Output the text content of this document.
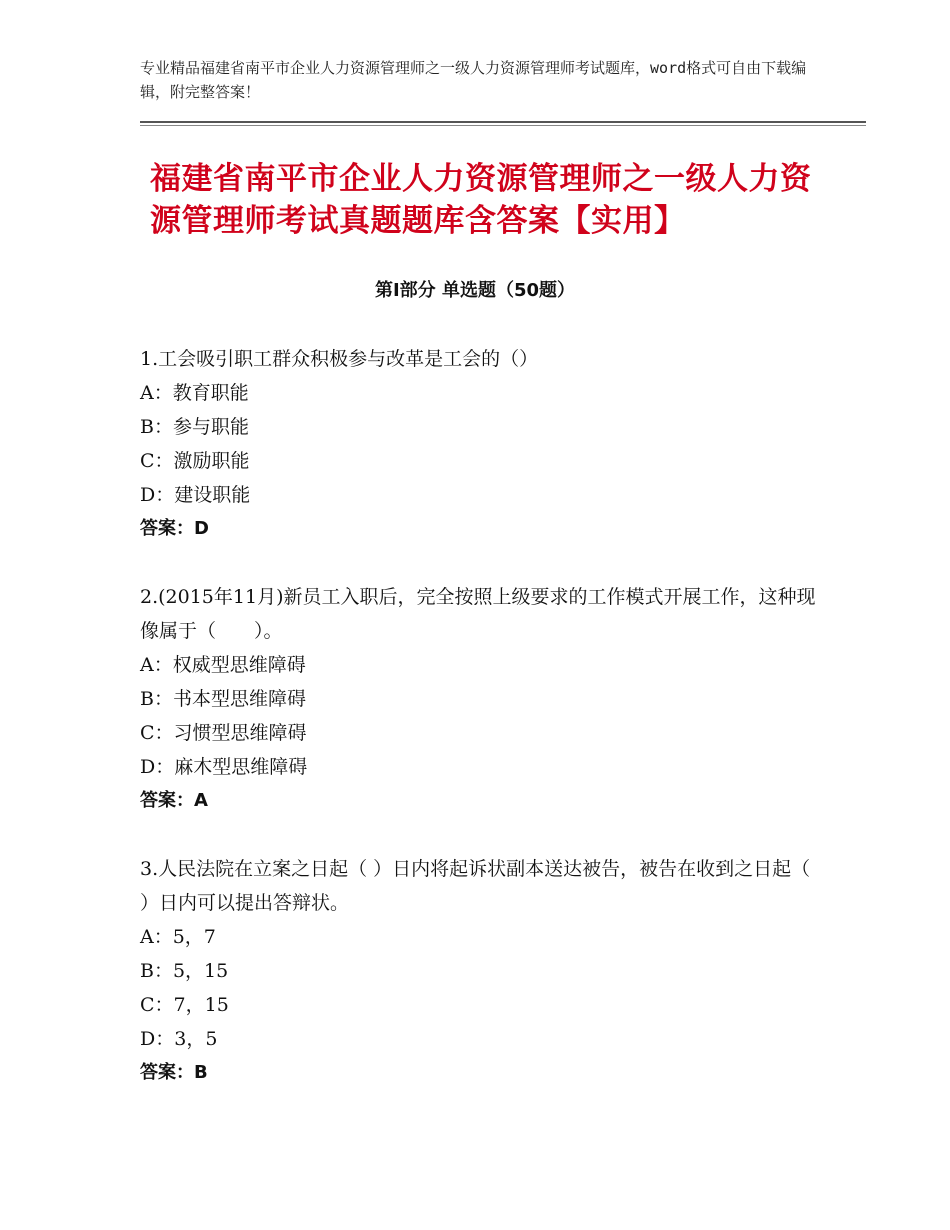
专业精品福建省南平市企业人力资源管理师之一级人力资源管理师考试题库，word格式可自由下载编辑，附完整答案！
福建省南平市企业人力资源管理师之一级人力资源管理师考试真题题库含答案【实用】
第Ⅰ部分 单选题（50题）
1.工会吸引职工群众积极参与改革是工会的（）
A：教育职能
B：参与职能
C：激励职能
D：建设职能
答案：D
2.(2015年11月)新员工入职后，完全按照上级要求的工作模式开展工作，这种现像属于（　　）。
A：权威型思维障碍
B：书本型思维障碍
C：习惯型思维障碍
D：麻木型思维障碍
答案：A
3.人民法院在立案之日起（ ）日内将起诉状副本送达被告，被告在收到之日起（ ）日内可以提出答辩状。
A：5，7
B：5，15
C：7，15
D：3，5
答案：B
